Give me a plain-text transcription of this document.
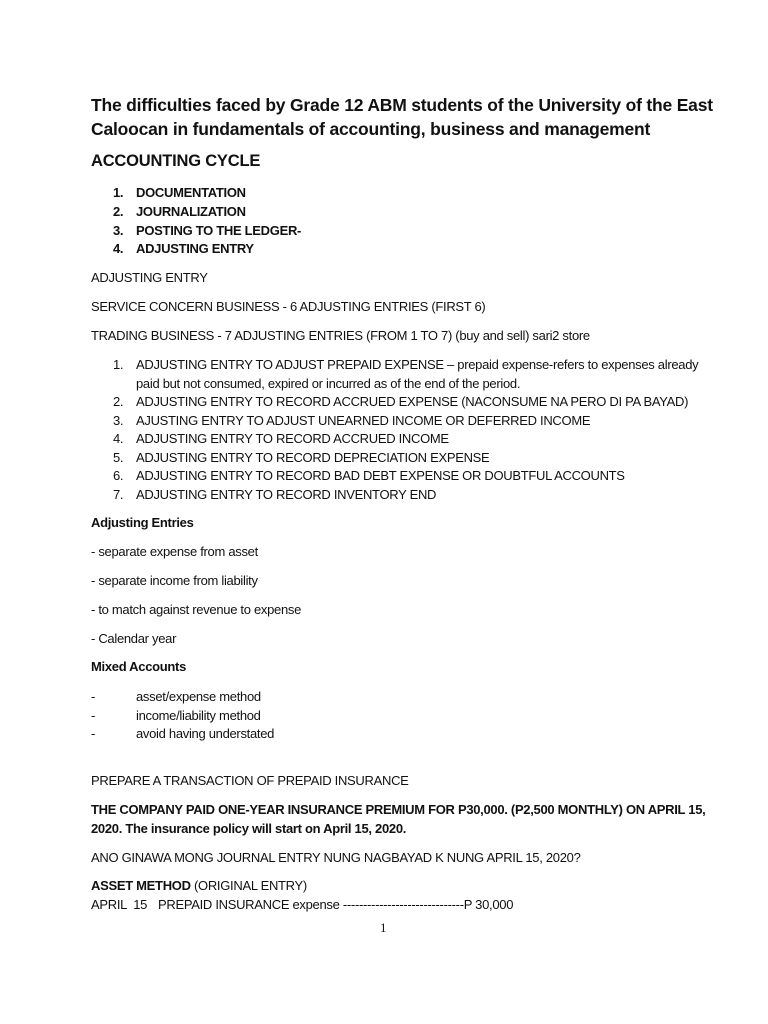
The difficulties faced by Grade 12 ABM students of the University of the East
Caloocan in fundamentals of accounting, business and management
ACCOUNTING CYCLE
1. DOCUMENTATION
2. JOURNALIZATION
3. POSTING TO THE LEDGER-
4. ADJUSTING ENTRY
ADJUSTING ENTRY
SERVICE CONCERN BUSINESS - 6 ADJUSTING ENTRIES (FIRST 6)
TRADING BUSINESS - 7 ADJUSTING ENTRIES (FROM 1 TO 7) (buy and sell) sari2 store
1. ADJUSTING ENTRY TO ADJUST PREPAID EXPENSE – prepaid expense-refers to expenses already
paid but not consumed, expired or incurred as of the end of the period.
2. ADJUSTING ENTRY TO RECORD ACCRUED EXPENSE (NACONSUME NA PERO DI PA BAYAD)
3. AJUSTING ENTRY TO ADJUST UNEARNED INCOME OR DEFERRED INCOME
4. ADJUSTING ENTRY TO RECORD ACCRUED INCOME
5. ADJUSTING ENTRY TO RECORD DEPRECIATION EXPENSE
6. ADJUSTING ENTRY TO RECORD BAD DEBT EXPENSE OR DOUBTFUL ACCOUNTS
7. ADJUSTING ENTRY TO RECORD INVENTORY END
Adjusting Entries
- separate expense from asset
- separate income from liability
- to match against revenue to expense
- Calendar year
Mixed Accounts
-	asset/expense method
-	income/liability method
-	avoid having understated
PREPARE A TRANSACTION OF PREPAID INSURANCE
THE COMPANY PAID ONE-YEAR INSURANCE PREMIUM FOR P30,000. (P2,500 MONTHLY) ON APRIL 15,
2020. The insurance policy will start on April 15, 2020.
ANO GINAWA MONG JOURNAL ENTRY NUNG NAGBAYAD K NUNG APRIL 15, 2020?
ASSET METHOD (ORIGINAL ENTRY)
APRIL  15 PREPAID INSURANCE expense ------------------------------P 30,000
1
